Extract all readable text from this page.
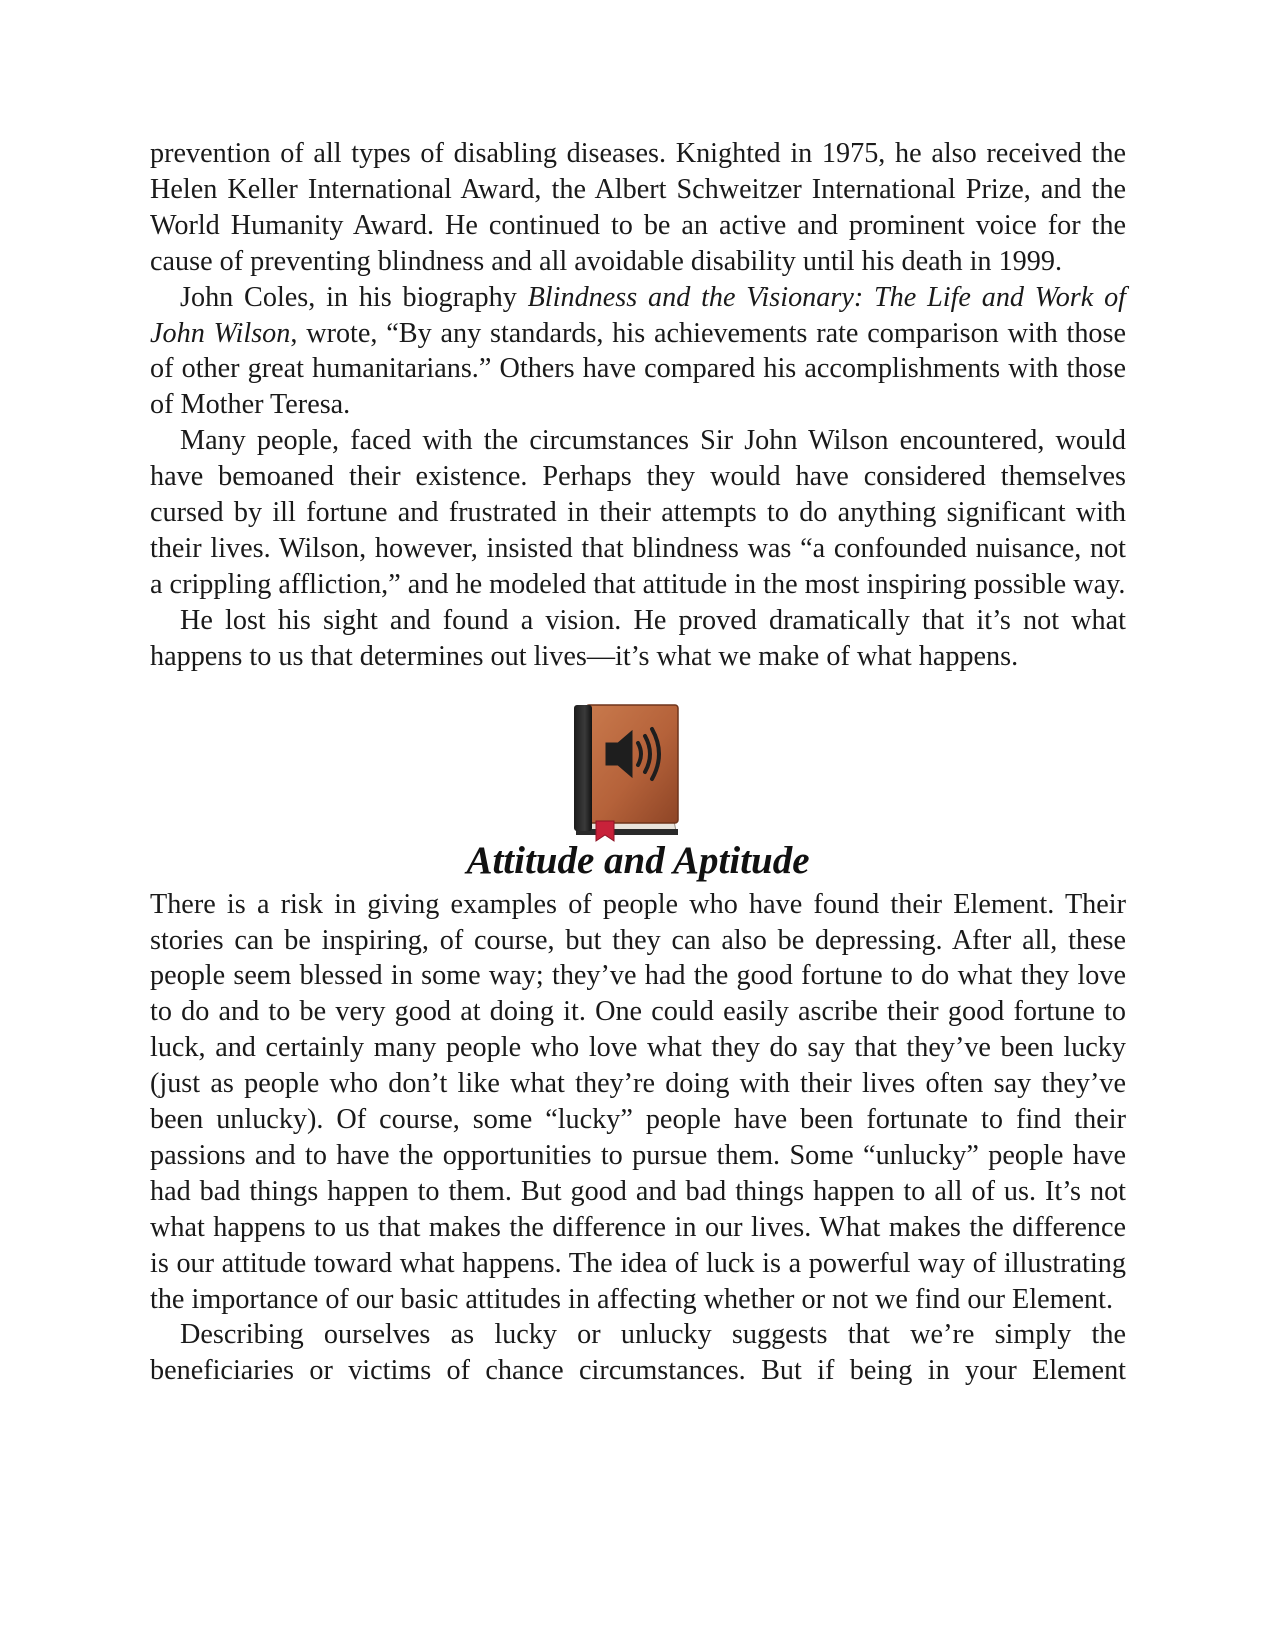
prevention of all types of disabling diseases. Knighted in 1975, he also received the Helen Keller International Award, the Albert Schweitzer International Prize, and the World Humanity Award. He continued to be an active and prominent voice for the cause of preventing blindness and all avoidable disability until his death in 1999.

John Coles, in his biography Blindness and the Visionary: The Life and Work of John Wilson, wrote, “By any standards, his achievements rate comparison with those of other great humanitarians.” Others have compared his accomplishments with those of Mother Teresa.

Many people, faced with the circumstances Sir John Wilson encountered, would have bemoaned their existence. Perhaps they would have considered themselves cursed by ill fortune and frustrated in their attempts to do anything significant with their lives. Wilson, however, insisted that blindness was “a confounded nuisance, not a crippling affliction,” and he modeled that attitude in the most inspiring possible way.

He lost his sight and found a vision. He proved dramatically that it’s not what happens to us that determines out lives—it’s what we make of what happens.

Attitude and Aptitude

There is a risk in giving examples of people who have found their Element. Their stories can be inspiring, of course, but they can also be depressing. After all, these people seem blessed in some way; they’ve had the good fortune to do what they love to do and to be very good at doing it. One could easily ascribe their good fortune to luck, and certainly many people who love what they do say that they’ve been lucky (just as people who don’t like what they’re doing with their lives often say they’ve been unlucky). Of course, some “lucky” people have been fortunate to find their passions and to have the opportunities to pursue them. Some “unlucky” people have had bad things happen to them. But good and bad things happen to all of us. It’s not what happens to us that makes the difference in our lives. What makes the difference is our attitude toward what happens. The idea of luck is a powerful way of illustrating the importance of our basic attitudes in affecting whether or not we find our Element.

Describing ourselves as lucky or unlucky suggests that we’re simply the beneficiaries or victims of chance circumstances. But if being in your Element
